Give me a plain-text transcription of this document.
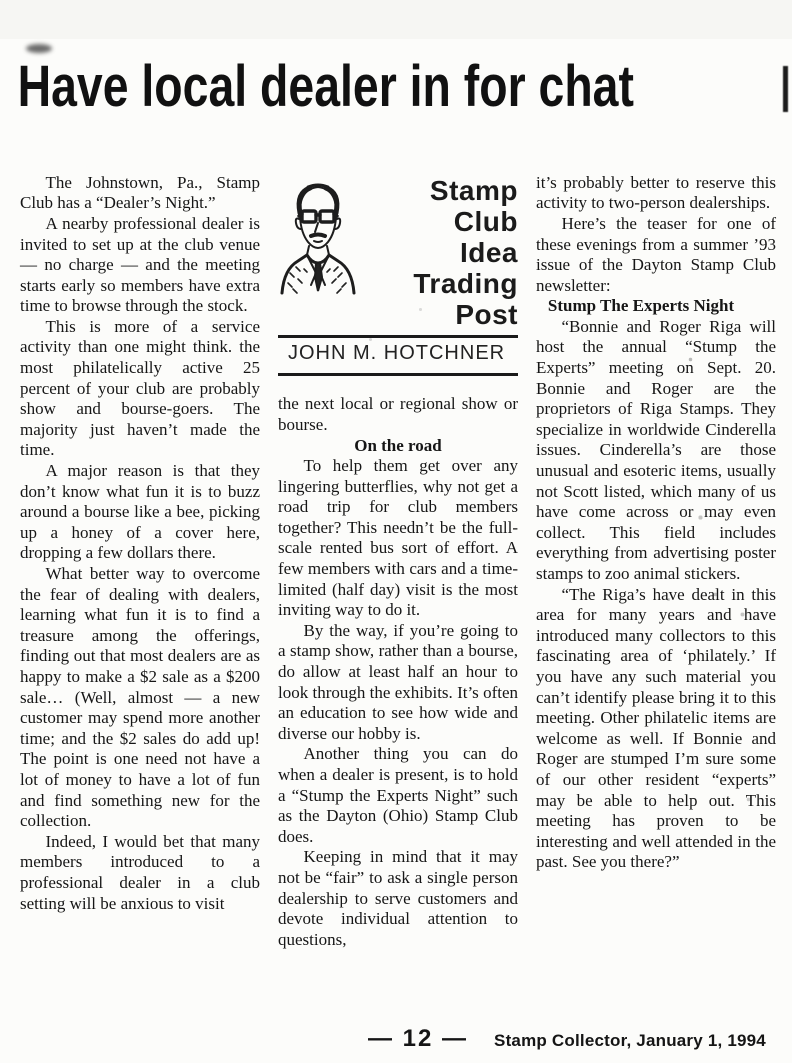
Have local dealer in for chat

The Johnstown, Pa., Stamp Club has a “Dealer’s Night.”

A nearby professional dealer is invited to set up at the club venue — no charge — and the meeting starts early so members have extra time to browse through the stock.

This is more of a service activity than one might think. the most philatelically active 25 percent of your club are probably show and bourse-goers. The majority just haven’t made the time.

A major reason is that they don’t know what fun it is to buzz around a bourse like a bee, picking up a honey of a cover here, dropping a few dollars there.

What better way to overcome the fear of dealing with dealers, learning what fun it is to find a treasure among the offerings, finding out that most dealers are as happy to make a $2 sale as a $200 sale… (Well, almost — a new customer may spend more another time; and the $2 sales do add up! The point is one need not have a lot of money to have a lot of fun and find something new for the collection.

Indeed, I would bet that many members introduced to a professional dealer in a club setting will be anxious to visit

Stamp Club
Idea
Trading
Post
JOHN M. HOTCHNER

the next local or regional show or bourse.

On the road

To help them get over any lingering butterflies, why not get a road trip for club members together? This needn’t be the full-scale rented bus sort of effort. A few members with cars and a time-limited (half day) visit is the most inviting way to do it.

By the way, if you’re going to a stamp show, rather than a bourse, do allow at least half an hour to look through the exhibits. It’s often an education to see how wide and diverse our hobby is.

Another thing you can do when a dealer is present, is to hold a “Stump the Experts Night” such as the Dayton (Ohio) Stamp Club does.

Keeping in mind that it may not be “fair” to ask a single person dealership to serve customers and devote individual attention to questions,

it’s probably better to reserve this activity to two-person dealerships.

Here’s the teaser for one of these evenings from a summer ’93 issue of the Dayton Stamp Club newsletter:

Stump The Experts Night

“Bonnie and Roger Riga will host the annual “Stump the Experts” meeting on Sept. 20. Bonnie and Roger are the proprietors of Riga Stamps. They specialize in worldwide Cinderella issues. Cinderella’s are those unusual and esoteric items, usually not Scott listed, which many of us have come across or may even collect. This field includes everything from advertising poster stamps to zoo animal stickers.

“The Riga’s have dealt in this area for many years and have introduced many collectors to this fascinating area of ‘philately.’ If you have any such material you can’t identify please bring it to this meeting. Other philatelic items are welcome as well. If Bonnie and Roger are stumped I’m sure some of our other resident “experts” may be able to help out. This meeting has proven to be interesting and well attended in the past. See you there?”

— 12 — Stamp Collector, January 1, 1994
